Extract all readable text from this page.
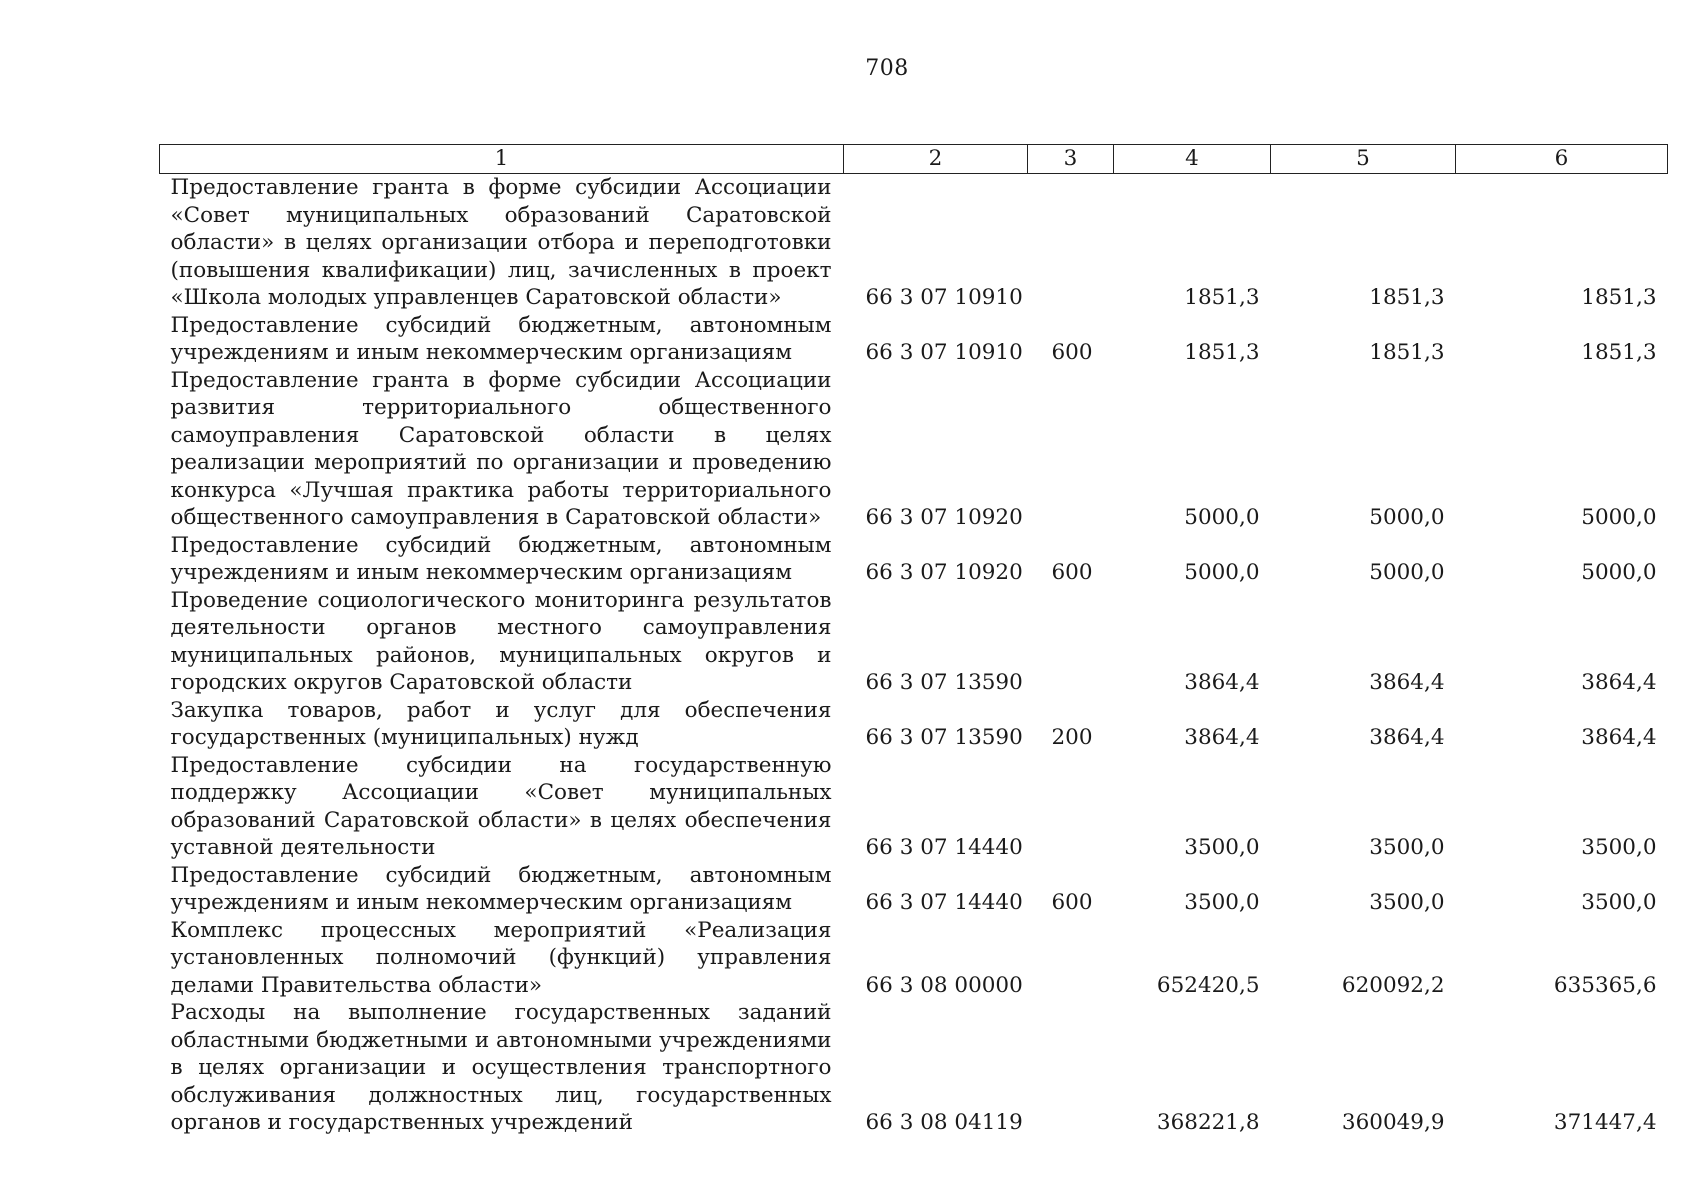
708
1	2	3	4	5	6
Предоставление гранта в форме субсидии Ассоциации «Совет муниципальных образований Саратовской области» в целях организации отбора и переподготовки (повышения квалификации) лиц, зачисленных в проект «Школа молодых управленцев Саратовской области»	66 3 07 10910		1851,3	1851,3	1851,3
Предоставление субсидий бюджетным, автономным учреждениям и иным некоммерческим организациям	66 3 07 10910	600	1851,3	1851,3	1851,3
Предоставление гранта в форме субсидии Ассоциации развития территориального общественного самоуправления Саратовской области в целях реализации мероприятий по организации и проведению конкурса «Лучшая практика работы территориального общественного самоуправления в Саратовской области»	66 3 07 10920		5000,0	5000,0	5000,0
Предоставление субсидий бюджетным, автономным учреждениям и иным некоммерческим организациям	66 3 07 10920	600	5000,0	5000,0	5000,0
Проведение социологического мониторинга результатов деятельности органов местного самоуправления муниципальных районов, муниципальных округов и городских округов Саратовской области	66 3 07 13590		3864,4	3864,4	3864,4
Закупка товаров, работ и услуг для обеспечения государственных (муниципальных) нужд	66 3 07 13590	200	3864,4	3864,4	3864,4
Предоставление субсидии на государственную поддержку Ассоциации «Совет муниципальных образований Саратовской области» в целях обеспечения уставной деятельности	66 3 07 14440		3500,0	3500,0	3500,0
Предоставление субсидий бюджетным, автономным учреждениям и иным некоммерческим организациям	66 3 07 14440	600	3500,0	3500,0	3500,0
Комплекс процессных мероприятий «Реализация установленных полномочий (функций) управления делами Правительства области»	66 3 08 00000		652420,5	620092,2	635365,6
Расходы на выполнение государственных заданий областными бюджетными и автономными учреждениями в целях организации и осуществления транспортного обслуживания должностных лиц, государственных органов и государственных учреждений	66 3 08 04119		368221,8	360049,9	371447,4
